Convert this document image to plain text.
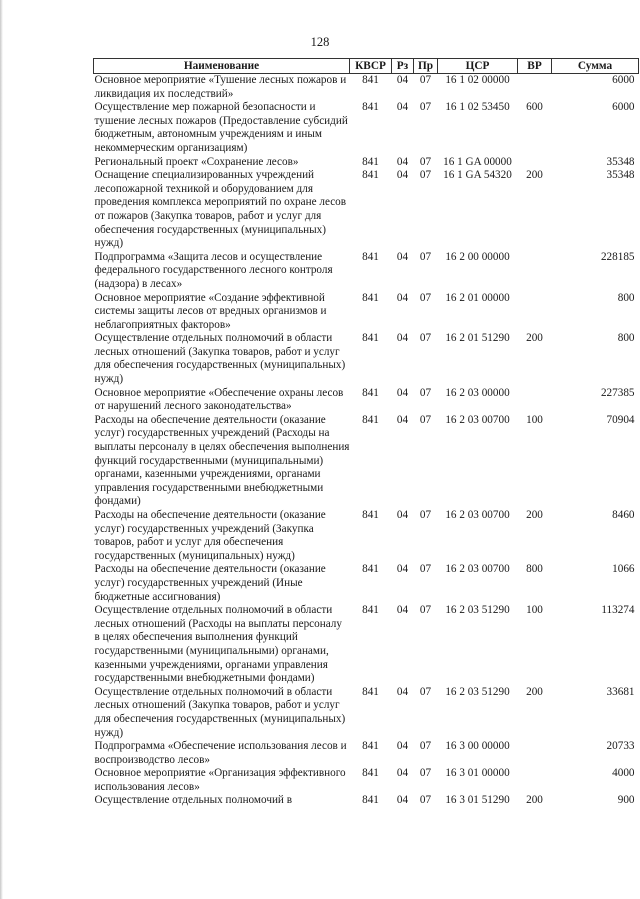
128
Наименование	КВСР	Рз	Пр	ЦСР	ВР	Сумма
Основное мероприятие «Тушение лесных пожаров и ликвидация их последствий»	841	04	07	16 1 02 00000		6000
Осуществление мер пожарной безопасности и тушение лесных пожаров (Предоставление субсидий бюджетным, автономным учреждениям и иным некоммерческим организациям)	841	04	07	16 1 02 53450	600	6000
Региональный проект «Сохранение лесов»	841	04	07	16 1 GA 00000		35348
Оснащение специализированных учреждений лесопожарной техникой и оборудованием для проведения комплекса мероприятий по охране лесов от пожаров (Закупка товаров, работ и услуг для обеспечения государственных (муниципальных) нужд)	841	04	07	16 1 GA 54320	200	35348
Подпрограмма «Защита лесов и осуществление федерального государственного лесного контроля (надзора) в лесах»	841	04	07	16 2 00 00000		228185
Основное мероприятие «Создание эффективной системы защиты лесов от вредных организмов и неблагоприятных факторов»	841	04	07	16 2 01 00000		800
Осуществление отдельных полномочий в области лесных отношений (Закупка товаров, работ и услуг для обеспечения государственных (муниципальных) нужд)	841	04	07	16 2 01 51290	200	800
Основное мероприятие «Обеспечение охраны лесов от нарушений лесного законодательства»	841	04	07	16 2 03 00000		227385
Расходы на обеспечение деятельности (оказание услуг) государственных учреждений (Расходы на выплаты персоналу в целях обеспечения выполнения функций государственными (муниципальными) органами, казенными учреждениями, органами управления государственными внебюджетными фондами)	841	04	07	16 2 03 00700	100	70904
Расходы на обеспечение деятельности (оказание услуг) государственных учреждений (Закупка товаров, работ и услуг для обеспечения государственных (муниципальных) нужд)	841	04	07	16 2 03 00700	200	8460
Расходы на обеспечение деятельности (оказание услуг) государственных учреждений (Иные бюджетные ассигнования)	841	04	07	16 2 03 00700	800	1066
Осуществление отдельных полномочий в области лесных отношений (Расходы на выплаты персоналу в целях обеспечения выполнения функций государственными (муниципальными) органами, казенными учреждениями, органами управления государственными внебюджетными фондами)	841	04	07	16 2 03 51290	100	113274
Осуществление отдельных полномочий в области лесных отношений (Закупка товаров, работ и услуг для обеспечения государственных (муниципальных) нужд)	841	04	07	16 2 03 51290	200	33681
Подпрограмма «Обеспечение использования лесов и воспроизводство лесов»	841	04	07	16 3 00 00000		20733
Основное мероприятие «Организация эффективного использования лесов»	841	04	07	16 3 01 00000		4000
Осуществление отдельных полномочий в	841	04	07	16 3 01 51290	200	900
